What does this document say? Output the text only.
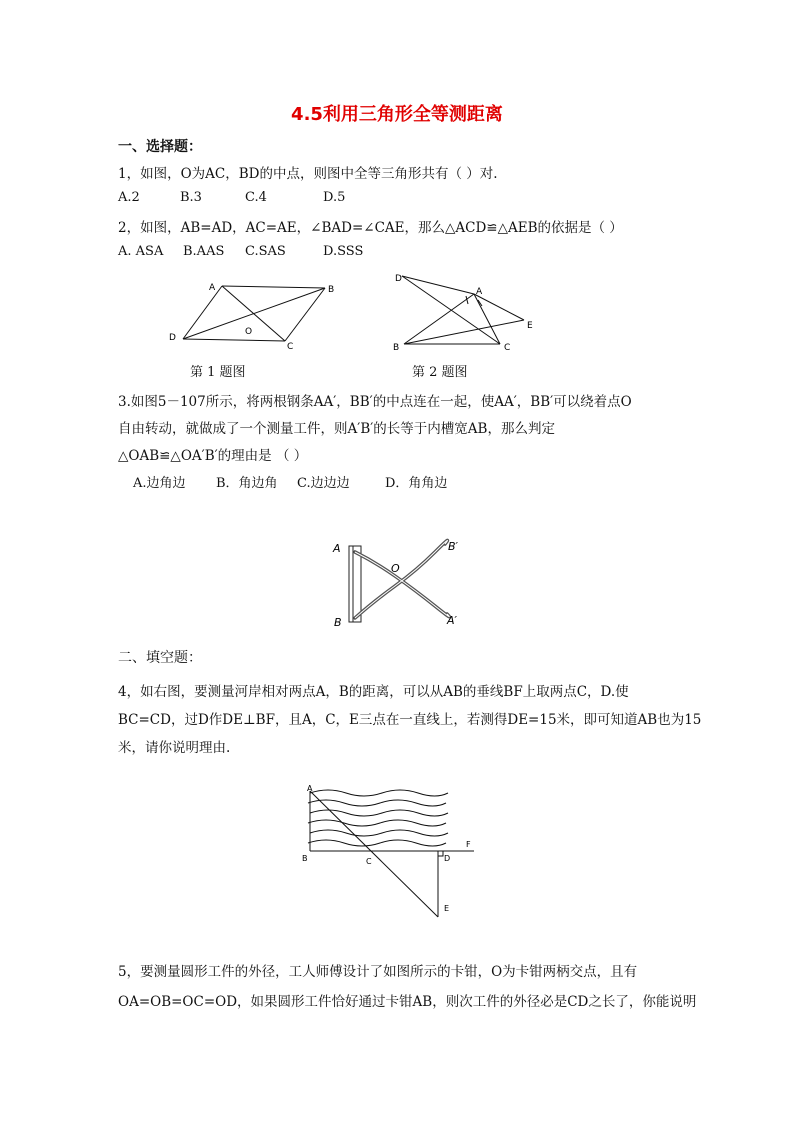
4.5利用三角形全等测距离
一、选择题：
1，如图，O为AC，BD的中点，则图中全等三角形共有（ ）对.
A.2	B.3	C.4	D.5
2，如图，AB=AD，AC=AE，∠BAD=∠CAE，那么△ACD≌△AEB的依据是（ ）
A. ASA B.AAS C.SAS	D.SSS
A	B
C
D
O
第 1 题图
D
A
E
B	C
第 2 题图
3.如图5－107所示，将两根钢条AA′，BB′的中点连在一起，使AA′，BB′可以绕着点O
自由转动，就做成了一个测量工件，则A′B′的长等于内槽宽AB，那么判定
△OAB≌△OA′B′的理由是 （ ）
A.边角边 B．角边角 C.边边边	D．角角边
A
B
O
B′
A′
二、填空题：
4，如右图，要测量河岸相对两点A，B的距离，可以从AB的垂线BF上取两点C，D.使
BC=CD，过D作DE⊥BF，且A，C，E三点在一直线上，若测得DE=15米，即可知道AB也为15
米，请你说明理由.
A
B	C	D
E
F
5，要测量圆形工件的外径，工人师傅设计了如图所示的卡钳，O为卡钳两柄交点，且有
OA=OB=OC=OD，如果圆形工件恰好通过卡钳AB，则次工件的外径必是CD之长了，你能说明
